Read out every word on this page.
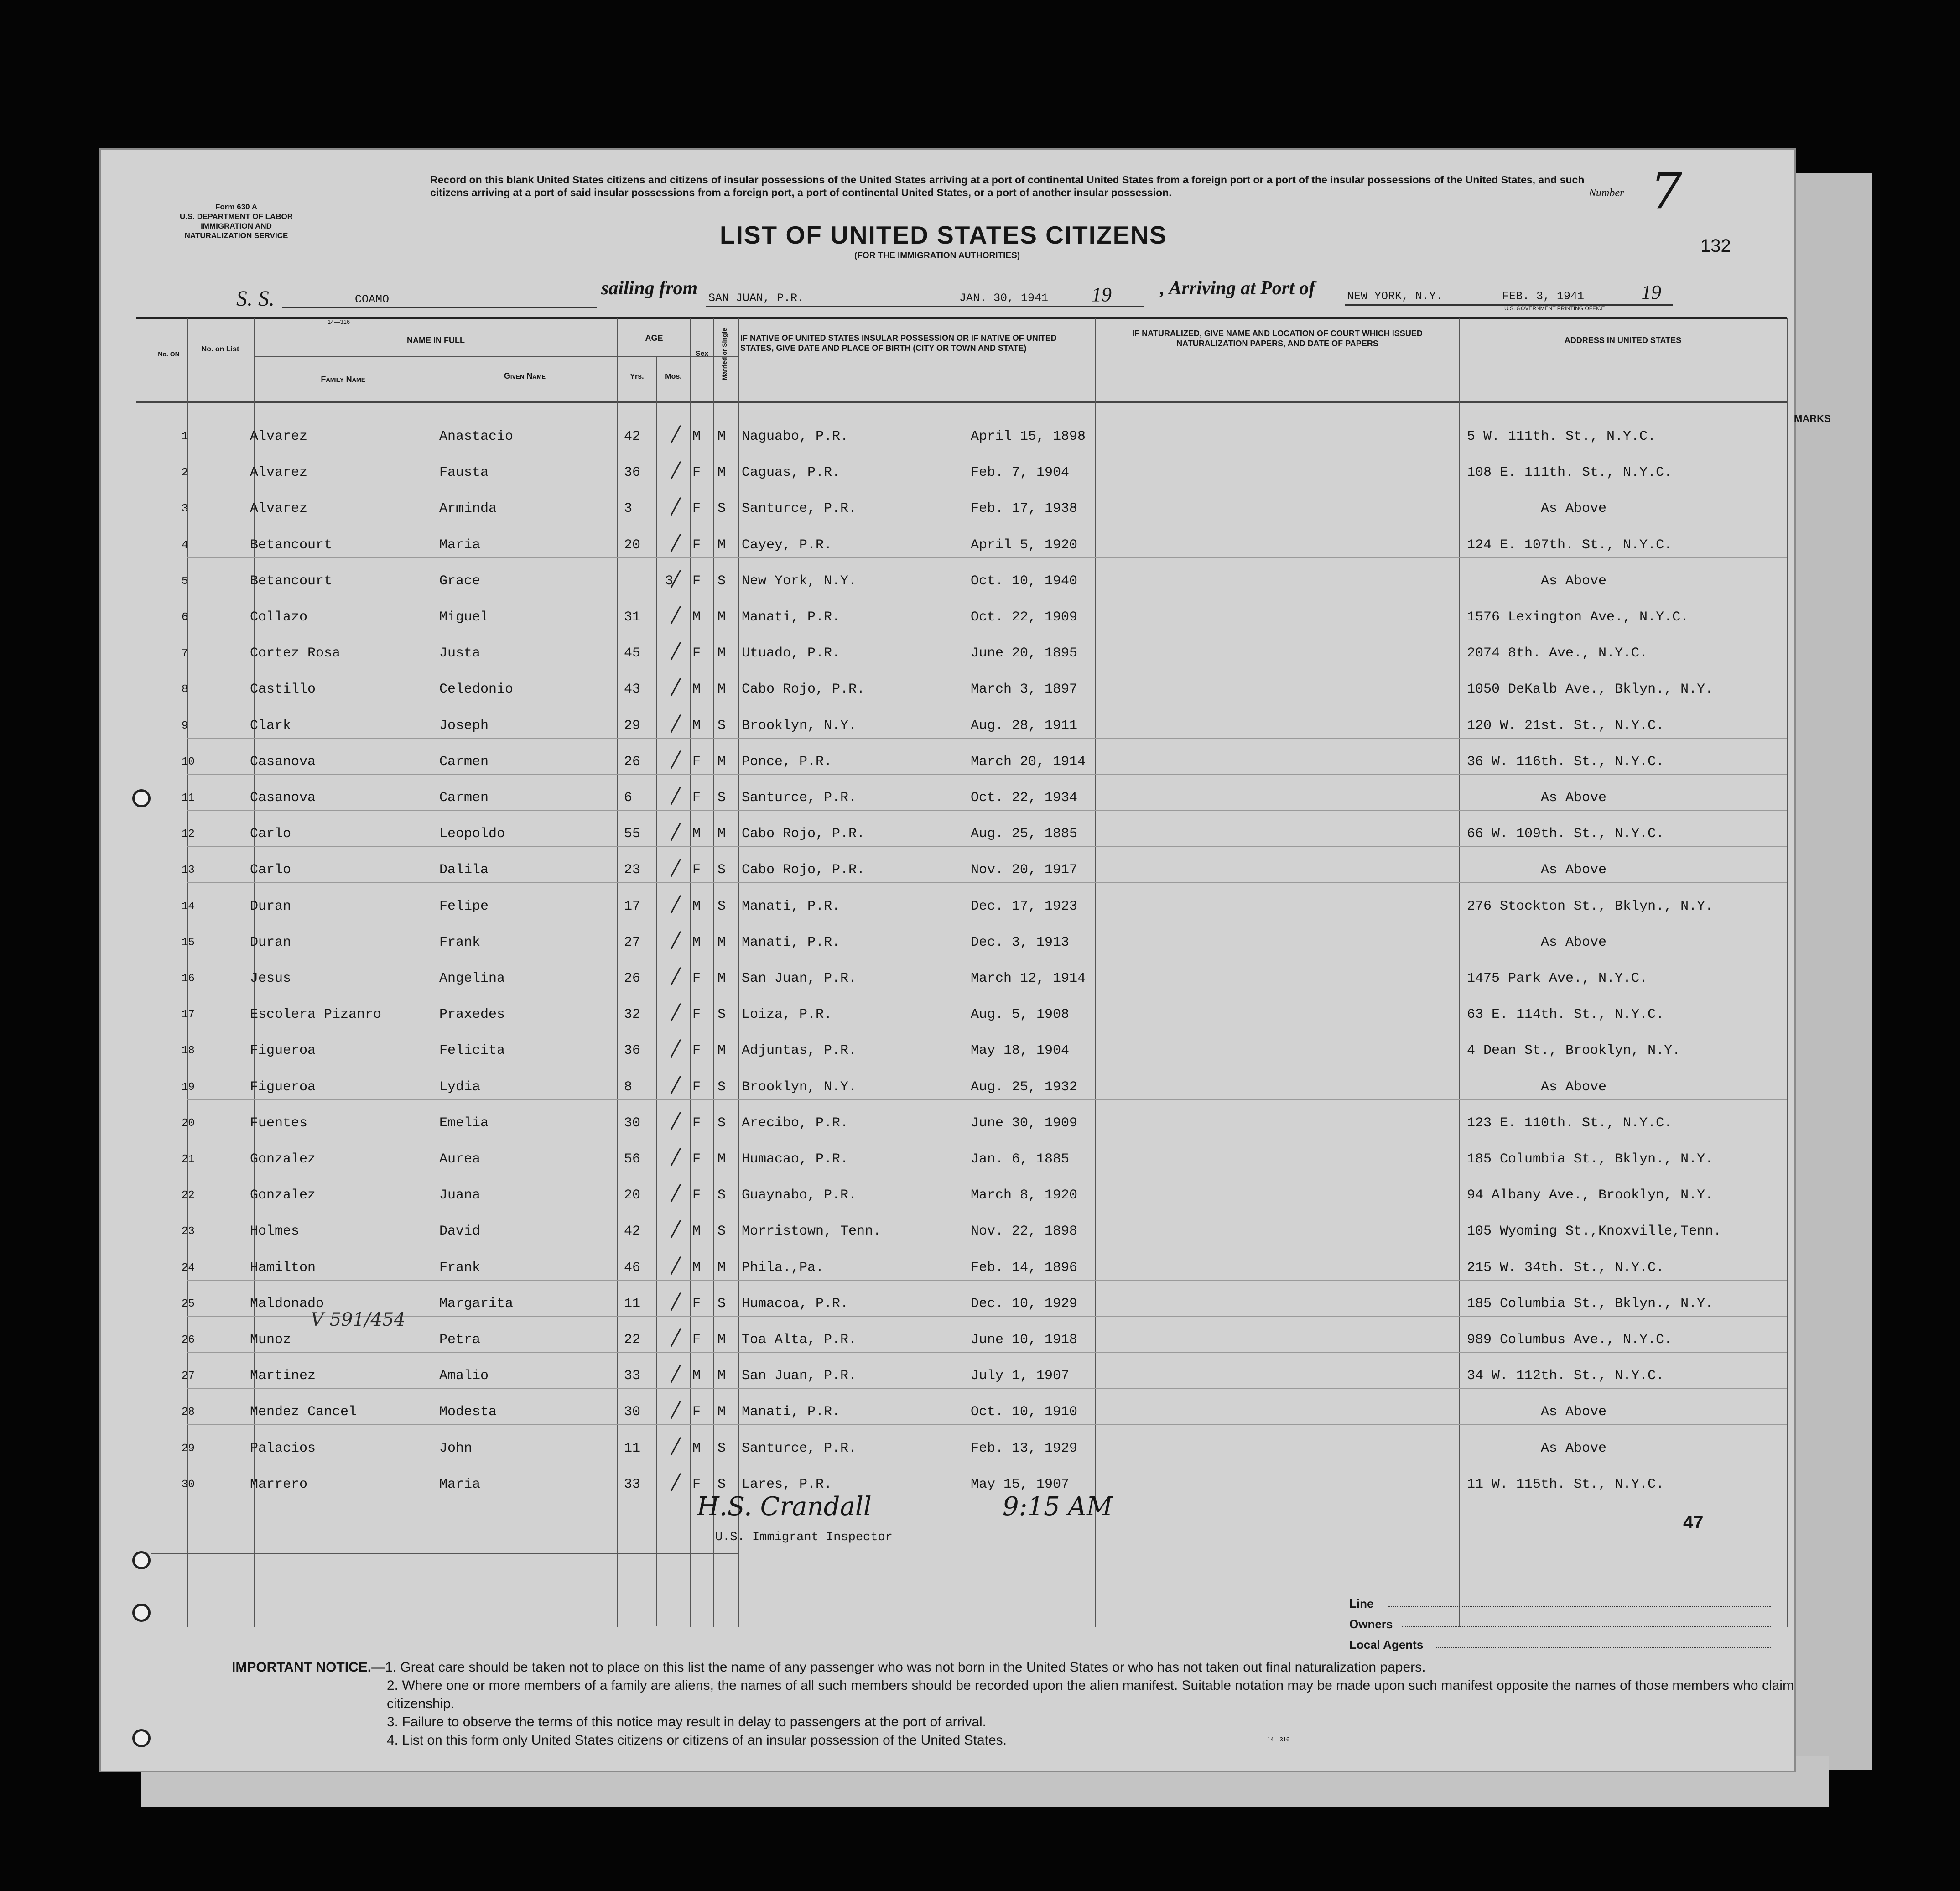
Form 630 A
U.S. DEPARTMENT OF LABOR
IMMIGRATION AND
NATURALIZATION SERVICE
Record on this blank United States citizens and citizens of insular possessions of the United States arriving at a port of continental United States from a foreign port or a port of the insular possessions of the United States, and such citizens arriving at a port of said insular possessions from a foreign port, a port of continental United States, or a port of another insular possession.	Number 7
LIST OF UNITED STATES CITIZENS
(FOR THE IMMIGRATION AUTHORITIES)	132
S. S.	COAMO
sailing from SAN JUAN, P.R.	JAN. 30, 1941 19	, Arriving at Port of	NEW YORK, N.Y.	FEB. 3, 1941	19
U.S. GOVERNMENT PRINTING OFFICE
14—316
No. ON
No. on List
NAME IN FULL
Family Name	Given Name
AGE
Yrs.	Mos.
Sex	Married or Single IF NATIVE OF UNITED STATES INSULAR POSSESSION OR IF NATIVE OF UNITED STATES, GIVE DATE AND PLACE OF BIRTH (CITY OR TOWN AND STATE)
IF NATURALIZED, GIVE NAME AND LOCATION OF COURT WHICH ISSUED NATURALIZATION PAPERS, AND DATE OF PAPERS	ADDRESS IN UNITED STATES
MARKS
1	Alvarez	Anastacio	42	M M Naguabo, P.R.	April 15, 1898	5 W. 111th. St., N.Y.C.
2	Alvarez	Fausta	36	F M Caguas, P.R.	Feb. 7, 1904	108 E. 111th. St., N.Y.C.
3	Alvarez	Arminda	3	F S Santurce, P.R.	Feb. 17, 1938	As Above
4	Betancourt	Maria	20	F M Cayey, P.R.	April 5, 1920	124 E. 107th. St., N.Y.C.
5	Betancourt	Grace	3 F S New York, N.Y.	Oct. 10, 1940	As Above
6	Collazo	Miguel	31	M M Manati, P.R.	Oct. 22, 1909	1576 Lexington Ave., N.Y.C.
7	Cortez Rosa	Justa	45	F M Utuado, P.R.	June 20, 1895	2074 8th. Ave., N.Y.C.
8	Castillo	Celedonio	43	M M Cabo Rojo, P.R.	March 3, 1897	1050 DeKalb Ave., Bklyn., N.Y.
9	Clark	Joseph	29	M S Brooklyn, N.Y.	Aug. 28, 1911	120 W. 21st. St., N.Y.C.
10	Casanova	Carmen	26	F M Ponce, P.R.	March 20, 1914	36 W. 116th. St., N.Y.C.
11	Casanova	Carmen	6	F S Santurce, P.R.	Oct. 22, 1934	As Above
12	Carlo	Leopoldo	55	M M Cabo Rojo, P.R.	Aug. 25, 1885	66 W. 109th. St., N.Y.C.
13	Carlo	Dalila	23	F S Cabo Rojo, P.R.	Nov. 20, 1917	As Above
14	Duran	Felipe	17	M S Manati, P.R.	Dec. 17, 1923	276 Stockton St., Bklyn., N.Y.
15	Duran	Frank	27	M M Manati, P.R.	Dec. 3, 1913	As Above
16	Jesus	Angelina	26	F M San Juan, P.R.	March 12, 1914	1475 Park Ave., N.Y.C.
17	Escolera Pizanro	Praxedes	32	F S Loiza, P.R.	Aug. 5, 1908	63 E. 114th. St., N.Y.C.
18	Figueroa	Felicita	36	F M Adjuntas, P.R.	May 18, 1904	4 Dean St., Brooklyn, N.Y.
19	Figueroa	Lydia	8	F S Brooklyn, N.Y.	Aug. 25, 1932	As Above
20	Fuentes	Emelia	30	F S Arecibo, P.R.	June 30, 1909	123 E. 110th. St., N.Y.C.
21	Gonzalez	Aurea	56	F M Humacao, P.R.	Jan. 6, 1885	185 Columbia St., Bklyn., N.Y.
22	Gonzalez	Juana	20	F S Guaynabo, P.R.	March 8, 1920	94 Albany Ave., Brooklyn, N.Y.
23	Holmes	David	42	M S Morristown, Tenn.	Nov. 22, 1898	105 Wyoming St.,Knoxville,Tenn.
24	Hamilton	Frank	46	M M Phila.,Pa.	Feb. 14, 1896	215 W. 34th. St., N.Y.C.
25	Maldonado	Margarita	11	F S Humacoa, P.R.	Dec. 10, 1929	185 Columbia St., Bklyn., N.Y.
26	Munoz	Petra	22	F M Toa Alta, P.R.	June 10, 1918	989 Columbus Ave., N.Y.C.
27	Martinez	Amalio	33	M M San Juan, P.R.	July 1, 1907	34 W. 112th. St., N.Y.C.
28	Mendez Cancel	Modesta	30	F M Manati, P.R.	Oct. 10, 1910	As Above
29	Palacios	John	11	M S Santurce, P.R.	Feb. 13, 1929	As Above
30	Marrero	Maria	33	F S Lares, P.R.	May 15, 1907	11 W. 115th. St., N.Y.C.
V 591/454
H.S. Crandall	9:15 AM
U.S. Immigrant Inspector
47
Line
Owners
Local Agents
IMPORTANT NOTICE.—1. Great care should be taken not to place on this list the name of any passenger who was not born in the United States or who has not taken out final naturalization papers.
2. Where one or more members of a family are aliens, the names of all such members should be recorded upon the alien manifest. Suitable notation may be made upon such manifest opposite the names of those members who claim citizenship.
3. Failure to observe the terms of this notice may result in delay to passengers at the port of arrival.
4. List on this form only United States citizens or citizens of an insular possession of the United States.	14—316
